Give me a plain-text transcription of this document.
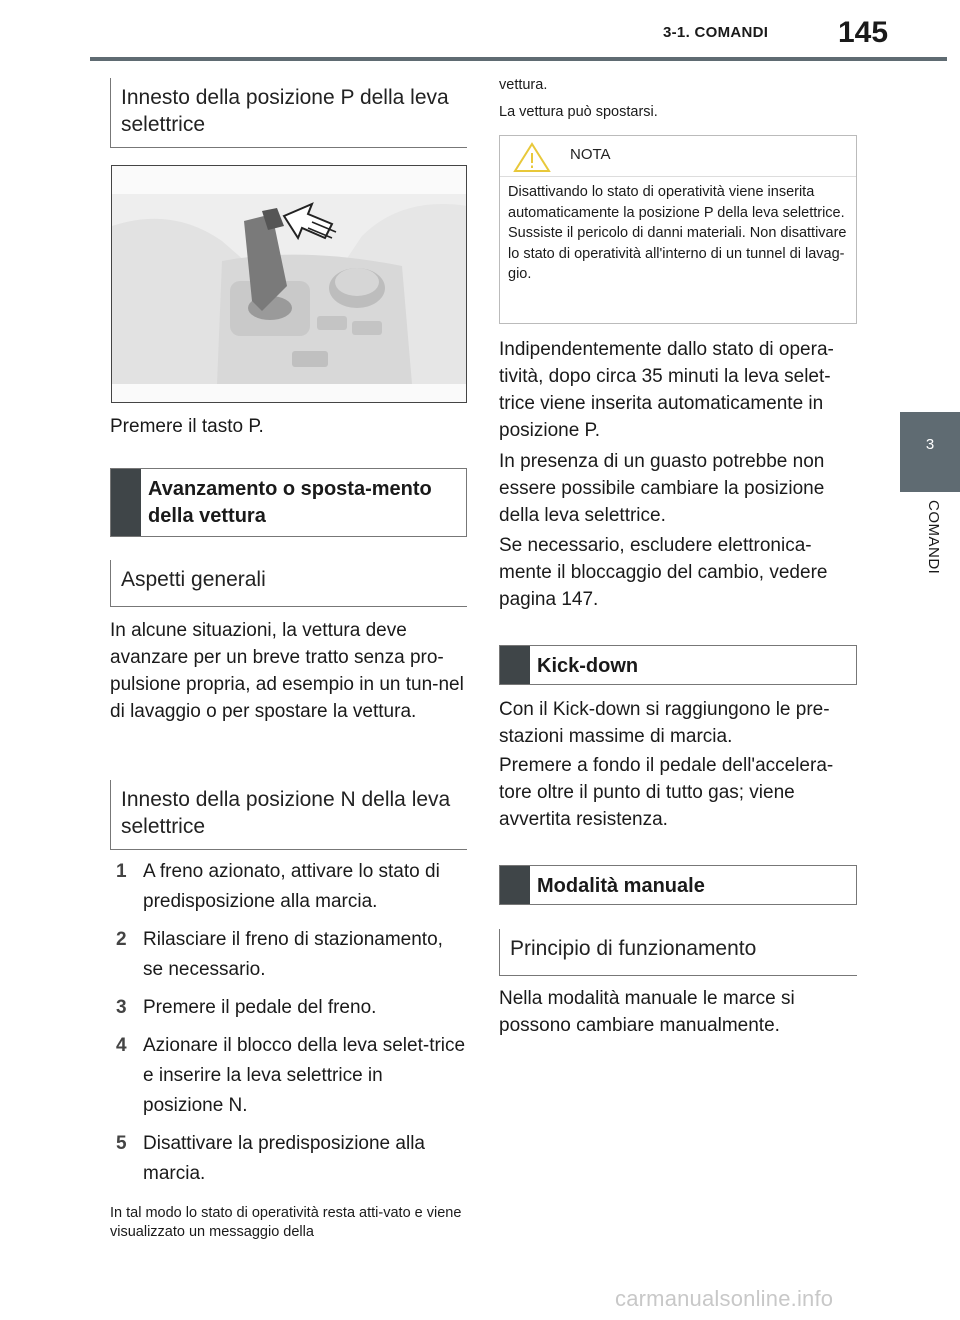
3-1. COMANDI 145
3
COMANDI
Innesto della posizione P della leva selettrice
Premere il tasto P.
Avanzamento o sposta-mento della vettura
Aspetti generali
In alcune situazioni, la vettura deve avanzare per un breve tratto senza pro-pulsione propria, ad esempio in un tun-nel di lavaggio o per spostare la vettura.
Innesto della posizione N della leva selettrice
1 A freno azionato, attivare lo stato di predisposizione alla marcia.
2 Rilasciare il freno di stazionamento, se necessario.
3 Premere il pedale del freno.
4 Azionare il blocco della leva selet-trice e inserire la leva selettrice in posizione N.
5 Disattivare la predisposizione alla marcia.
In tal modo lo stato di operatività resta atti-vato e viene visualizzato un messaggio della
vettura.
La vettura può spostarsi.
NOTA
Disattivando lo stato di operatività viene inserita automaticamente la posizione P della leva selettrice. Sussiste il pericolo di danni materiali. Non disattivare lo stato di operatività all'interno di un tunnel di lavag-gio.
Indipendentemente dallo stato di opera-tività, dopo circa 35 minuti la leva selet-trice viene inserita automaticamente in posizione P.
In presenza di un guasto potrebbe non essere possibile cambiare la posizione della leva selettrice.
Se necessario, escludere elettronica-mente il bloccaggio del cambio, vedere pagina 147.
Kick-down
Con il Kick-down si raggiungono le pre-stazioni massime di marcia.
Premere a fondo il pedale dell'accelera-tore oltre il punto di tutto gas; viene avvertita resistenza.
Modalità manuale
Principio di funzionamento
Nella modalità manuale le marce si possono cambiare manualmente.
carmanualsonline.info
